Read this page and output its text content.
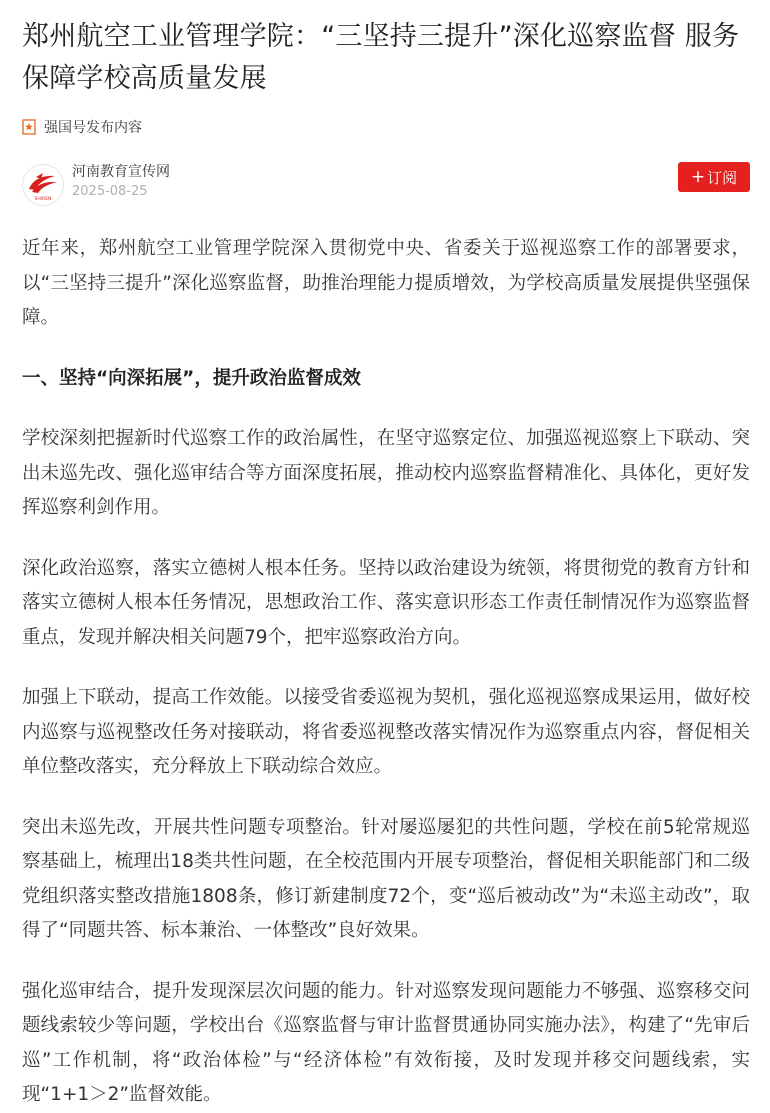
郑州航空工业管理学院：“三坚持三提升”深化巡察监督 服务保障学校高质量发展
强国号发布内容
SHIREN
河南教育宣传网
2025-08-25
+ 订阅

近年来，郑州航空工业管理学院深入贯彻党中央、省委关于巡视巡察工作的部署要求，以“三坚持三提升”深化巡察监督，助推治理能力提质增效，为学校高质量发展提供坚强保障。

一、坚持“向深拓展”，提升政治监督成效

学校深刻把握新时代巡察工作的政治属性，在坚守巡察定位、加强巡视巡察上下联动、突出未巡先改、强化巡审结合等方面深度拓展，推动校内巡察监督精准化、具体化，更好发挥巡察利剑作用。

深化政治巡察，落实立德树人根本任务。坚持以政治建设为统领，将贯彻党的教育方针和落实立德树人根本任务情况，思想政治工作、落实意识形态工作责任制情况作为巡察监督重点，发现并解决相关问题79个，把牢巡察政治方向。

加强上下联动，提高工作效能。以接受省委巡视为契机，强化巡视巡察成果运用，做好校内巡察与巡视整改任务对接联动，将省委巡视整改落实情况作为巡察重点内容，督促相关单位整改落实，充分释放上下联动综合效应。

突出未巡先改，开展共性问题专项整治。针对屡巡屡犯的共性问题，学校在前5轮常规巡察基础上，梳理出18类共性问题，在全校范围内开展专项整治，督促相关职能部门和二级党组织落实整改措施1808条，修订新建制度72个，变“巡后被动改”为“未巡主动改”，取得了“同题共答、标本兼治、一体整改”良好效果。

强化巡审结合，提升发现深层次问题的能力。针对巡察发现问题能力不够强、巡察移交问题线索较少等问题，学校出台《巡察监督与审计监督贯通协同实施办法》，构建了“先审后巡”工作机制，将“政治体检”与“经济体检”有效衔接，及时发现并移交问题线索，实现“1+1＞2”监督效能。
